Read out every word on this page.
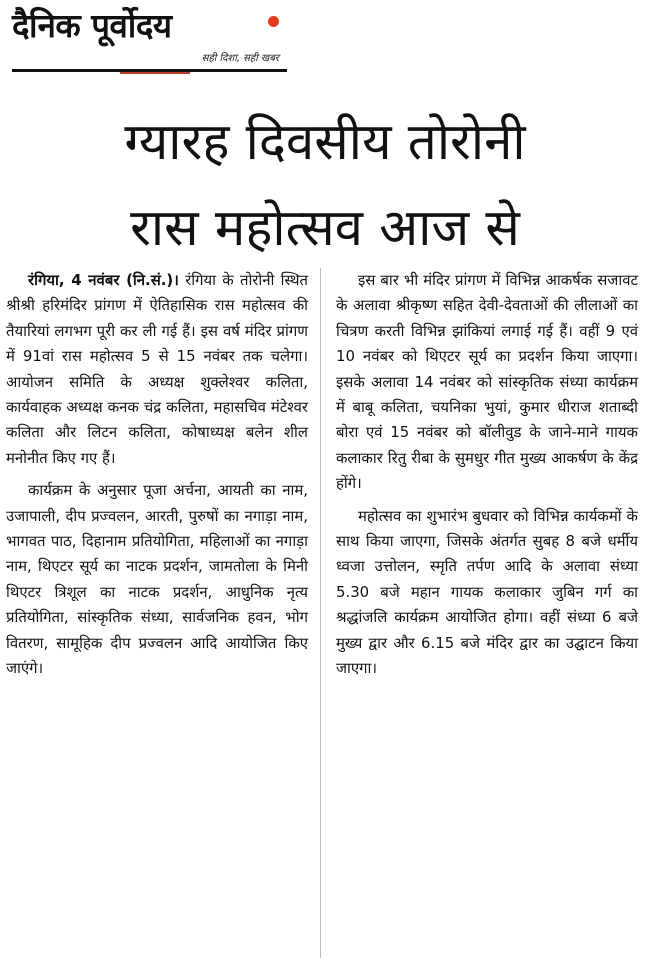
दैनिक पूर्वोदय
सही दिशा, सही खबर
ग्यारह दिवसीय तोरोनी
रास महोत्सव आज से

रंगिया, 4 नवंबर (नि.सं.)। रंगिया के तोरोनी स्थित श्रीश्री हरिमंदिर प्रांगण में ऐतिहासिक रास महोत्सव की तैयारियां लगभग पूरी कर ली गई हैं। इस वर्ष मंदिर प्रांगण में 91वां रास महोत्सव 5 से 15 नवंबर तक चलेगा। आयोजन समिति के अध्यक्ष शुक्लेश्वर कलिता, कार्यवाहक अध्यक्ष कनक चंद्र कलिता, महासचिव मंटेश्वर कलिता और लिटन कलिता, कोषाध्यक्ष बलेन शील मनोनीत किए गए हैं।

कार्यक्रम के अनुसार पूजा अर्चना, आयती का नाम, उजापाली, दीप प्रज्वलन, आरती, पुरुषों का नगाड़ा नाम, भागवत पाठ, दिहानाम प्रतियोगिता, महिलाओं का नगाड़ा नाम, थिएटर सूर्य का नाटक प्रदर्शन, जामतोला के मिनी थिएटर त्रिशूल का नाटक प्रदर्शन, आधुनिक नृत्य प्रतियोगिता, सांस्कृतिक संध्या, सार्वजनिक हवन, भोग वितरण, सामूहिक दीप प्रज्वलन आदि आयोजित किए जाएंगे।

इस बार भी मंदिर प्रांगण में विभिन्न आकर्षक सजावट के अलावा श्रीकृष्ण सहित देवी-देवताओं की लीलाओं का चित्रण करती विभिन्न झांकियां लगाई गई हैं। वहीं 9 एवं 10 नवंबर को थिएटर सूर्य का प्रदर्शन किया जाएगा। इसके अलावा 14 नवंबर को सांस्कृतिक संध्या कार्यक्रम में बाबू कलिता, चयनिका भुयां, कुमार धीराज शताब्दी बोरा एवं 15 नवंबर को बॉलीवुड के जाने-माने गायक कलाकार रितु रीबा के सुमधुर गीत मुख्य आकर्षण के केंद्र होंगे।

महोत्सव का शुभारंभ बुधवार को विभिन्न कार्यकमों के साथ किया जाएगा, जिसके अंतर्गत सुबह 8 बजे धर्मीय ध्वजा उत्तोलन, स्मृति तर्पण आदि के अलावा संध्या 5.30 बजे महान गायक कलाकार जुबिन गर्ग का श्रद्धांजलि कार्यक्रम आयोजित होगा। वहीं संध्या 6 बजे मुख्य द्वार और 6.15 बजे मंदिर द्वार का उद्घाटन किया जाएगा।
